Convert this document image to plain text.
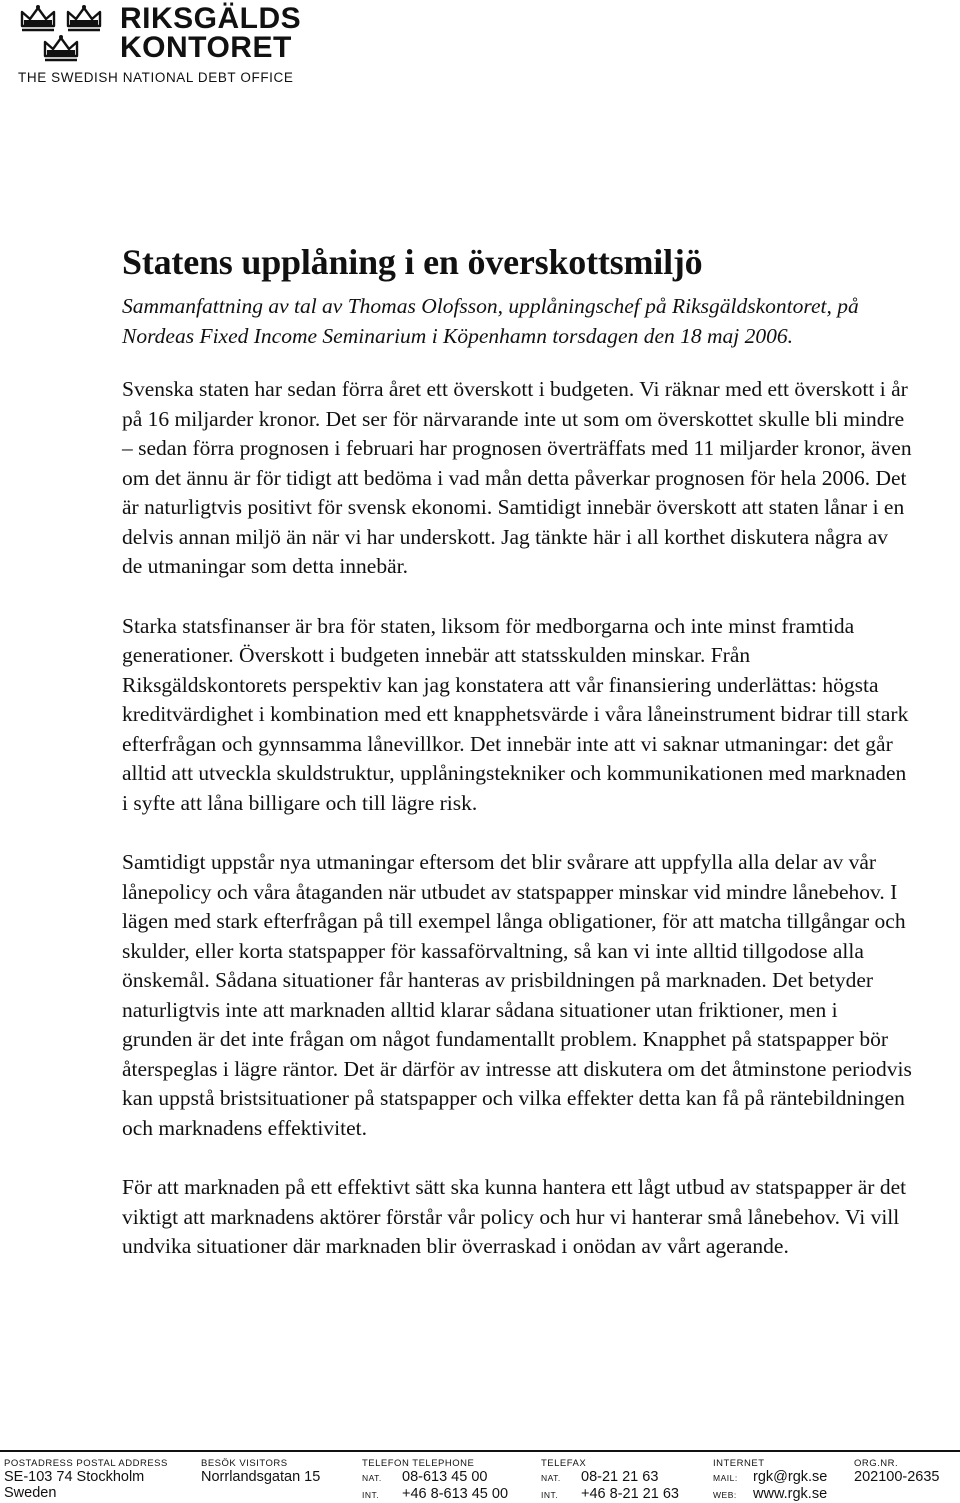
RIKSGÄLDS
KONTORET
THE SWEDISH NATIONAL DEBT OFFICE
Statens upplåning i en överskottsmiljö

Sammanfattning av tal av Thomas Olofsson, upplåningschef på Riksgäldskontoret, på Nordeas Fixed Income Seminarium i Köpenhamn torsdagen den 18 maj 2006.

Svenska staten har sedan förra året ett överskott i budgeten. Vi räknar med ett överskott i år på 16 miljarder kronor. Det ser för närvarande inte ut som om överskottet skulle bli mindre – sedan förra prognosen i februari har prognosen överträffats med 11 miljarder kronor, även om det ännu är för tidigt att bedöma i vad mån detta påverkar prognosen för hela 2006. Det är naturligtvis positivt för svensk ekonomi. Samtidigt innebär överskott att staten lånar i en delvis annan miljö än när vi har underskott. Jag tänkte här i all korthet diskutera några av de utmaningar som detta innebär.

Starka statsfinanser är bra för staten, liksom för medborgarna och inte minst framtida generationer. Överskott i budgeten innebär att statsskulden minskar. Från Riksgäldskontorets perspektiv kan jag konstatera att vår finansiering underlättas: högsta kreditvärdighet i kombination med ett knapphetsvärde i våra låneinstrument bidrar till stark efterfrågan och gynnsamma lånevillkor. Det innebär inte att vi saknar utmaningar: det går alltid att utveckla skuldstruktur, upplåningstekniker och kommunikationen med marknaden i syfte att låna billigare och till lägre risk.

Samtidigt uppstår nya utmaningar eftersom det blir svårare att uppfylla alla delar av vår lånepolicy och våra åtaganden när utbudet av statspapper minskar vid mindre lånebehov. I lägen med stark efterfrågan på till exempel långa obligationer, för att matcha tillgångar och skulder, eller korta statspapper för kassaförvaltning, så kan vi inte alltid tillgodose alla önskemål. Sådana situationer får hanteras av prisbildningen på marknaden. Det betyder naturligtvis inte att marknaden alltid klarar sådana situationer utan friktioner, men i grunden är det inte frågan om något fundamentallt problem. Knapphet på statspapper bör återspeglas i lägre räntor. Det är därför av intresse att diskutera om det åtminstone periodvis kan uppstå bristsituationer på statspapper och vilka effekter detta kan få på räntebildningen och marknadens effektivitet.

För att marknaden på ett effektivt sätt ska kunna hantera ett lågt utbud av statspapper är det viktigt att marknadens aktörer förstår vår policy och hur vi hanterar små lånebehov. Vi vill undvika situationer där marknaden blir överraskad i onödan av vårt agerande.

POSTADRESS POSTAL ADDRESS
SE-103 74 Stockholm
Sweden
BESÖK VISITORS
Norrlandsgatan 15
TELEFON TELEPHONE
NAT. 08-613 45 00
INT. +46 8-613 45 00
TELEFAX
NAT. 08-21 21 63
INT. +46 8-21 21 63
INTERNET
MAIL: rgk@rgk.se
WEB: www.rgk.se
ORG.NR.
202100-2635
